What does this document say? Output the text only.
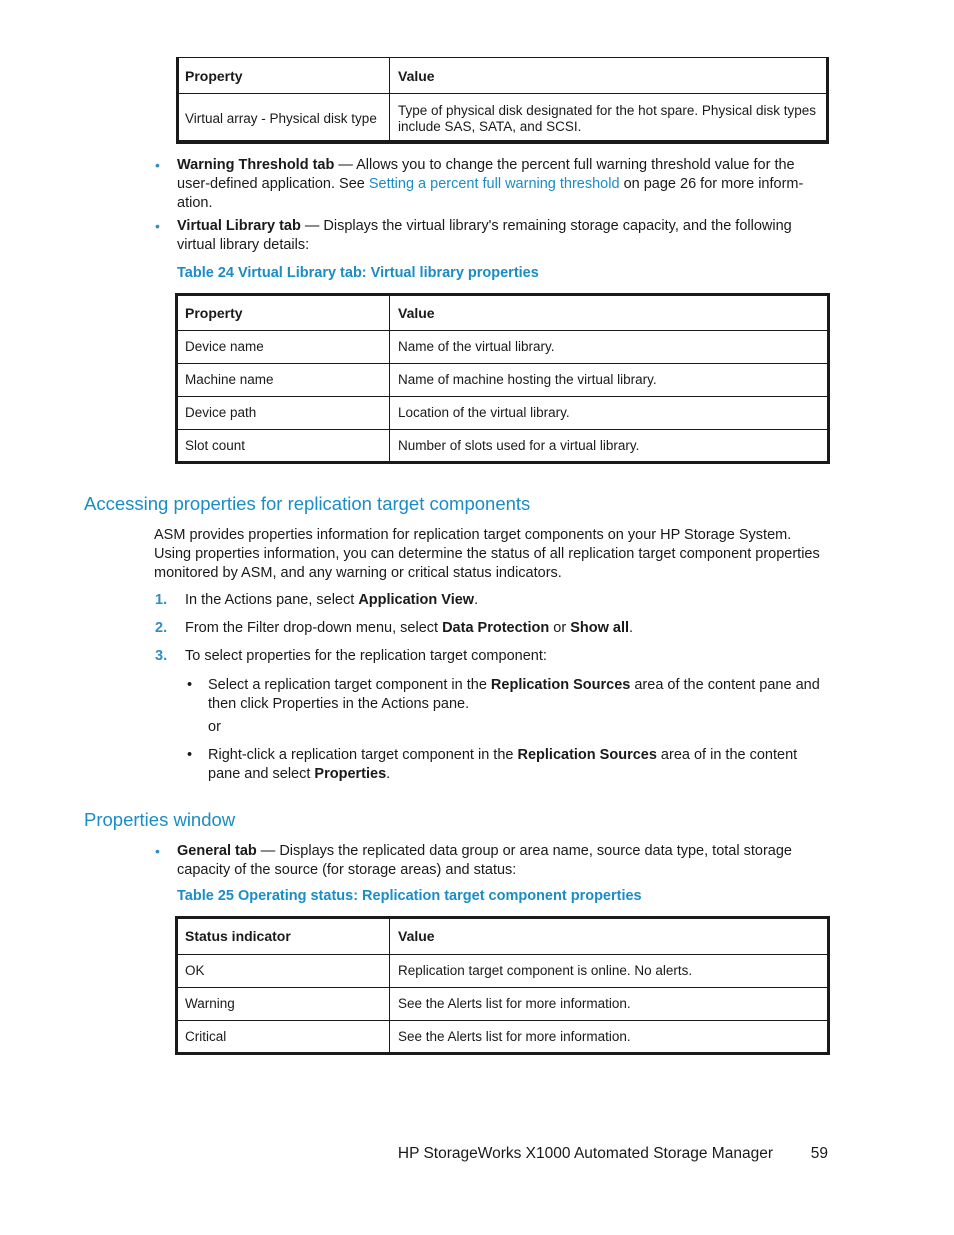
Property	Value
Virtual array - Physical disk type	Type of physical disk designated for the hot spare. Physical disk types include SAS, SATA, and SCSI.
• Warning Threshold tab — Allows you to change the percent full warning threshold value for the user-defined application. See Setting a percent full warning threshold on page 26 for more inform-ation.
• Virtual Library tab — Displays the virtual library's remaining storage capacity, and the following virtual library details:
Table 24 Virtual Library tab: Virtual library properties
Property	Value
Device name	Name of the virtual library.
Machine name	Name of machine hosting the virtual library.
Device path	Location of the virtual library.
Slot count	Number of slots used for a virtual library.
Accessing properties for replication target components
ASM provides properties information for replication target components on your HP Storage System. Using properties information, you can determine the status of all replication target component properties monitored by ASM, and any warning or critical status indicators.
1. In the Actions pane, select Application View.
2. From the Filter drop-down menu, select Data Protection or Show all.
3. To select properties for the replication target component:
• Select a replication target component in the Replication Sources area of the content pane and then click Properties in the Actions pane.
or
• Right-click a replication target component in the Replication Sources area of in the content pane and select Properties.
Properties window
• General tab — Displays the replicated data group or area name, source data type, total storage capacity of the source (for storage areas) and status:
Table 25 Operating status: Replication target component properties
Status indicator	Value
OK	Replication target component is online. No alerts.
Warning	See the Alerts list for more information.
Critical	See the Alerts list for more information.
HP StorageWorks X1000 Automated Storage Manager 59
